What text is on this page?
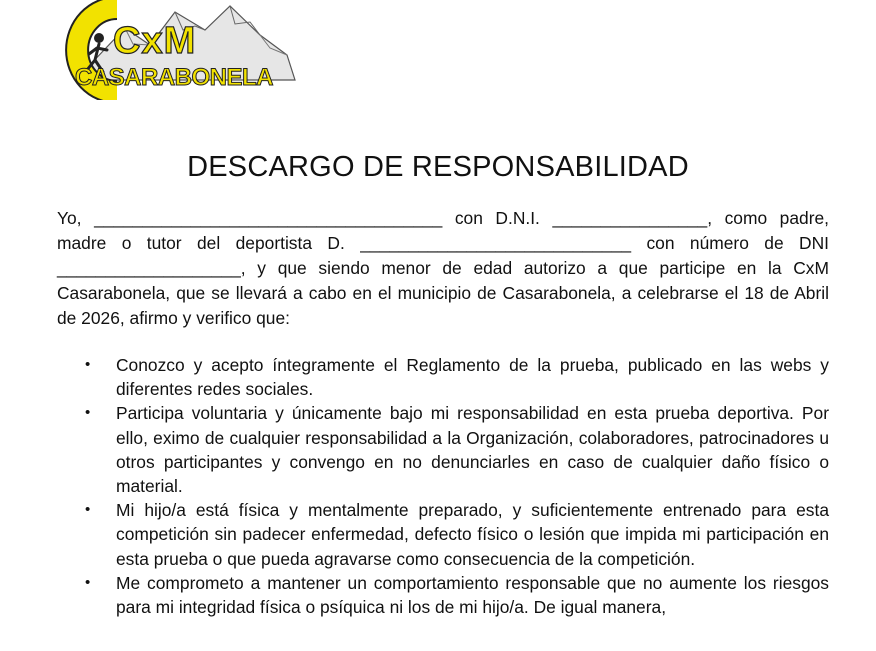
CxM
CASARABONELA
DESCARGO DE RESPONSABILIDAD

Yo, ____________________________________ con D.N.I. ________________, como padre, madre o tutor del deportista D. ____________________________ con número de DNI ___________________, y que siendo menor de edad autorizo a que participe en la CxM Casarabonela, que se llevará a cabo en el municipio de Casarabonela, a celebrarse el 18 de Abril de 2026, afirmo y verifico que:

• Conozco y acepto íntegramente el Reglamento de la prueba, publicado en las webs y diferentes redes sociales.
• Participa voluntaria y únicamente bajo mi responsabilidad en esta prueba deportiva. Por ello, eximo de cualquier responsabilidad a la Organización, colaboradores, patrocinadores u otros participantes y convengo en no denunciarles en caso de cualquier daño físico o material.
• Mi hijo/a está física y mentalmente preparado, y suficientemente entrenado para esta competición sin padecer enfermedad, defecto físico o lesión que impida mi participación en esta prueba o que pueda agravarse como consecuencia de la competición.
• Me comprometo a mantener un comportamiento responsable que no aumente los riesgos para mi integridad física o psíquica ni los de mi hijo/a. De igual manera,
